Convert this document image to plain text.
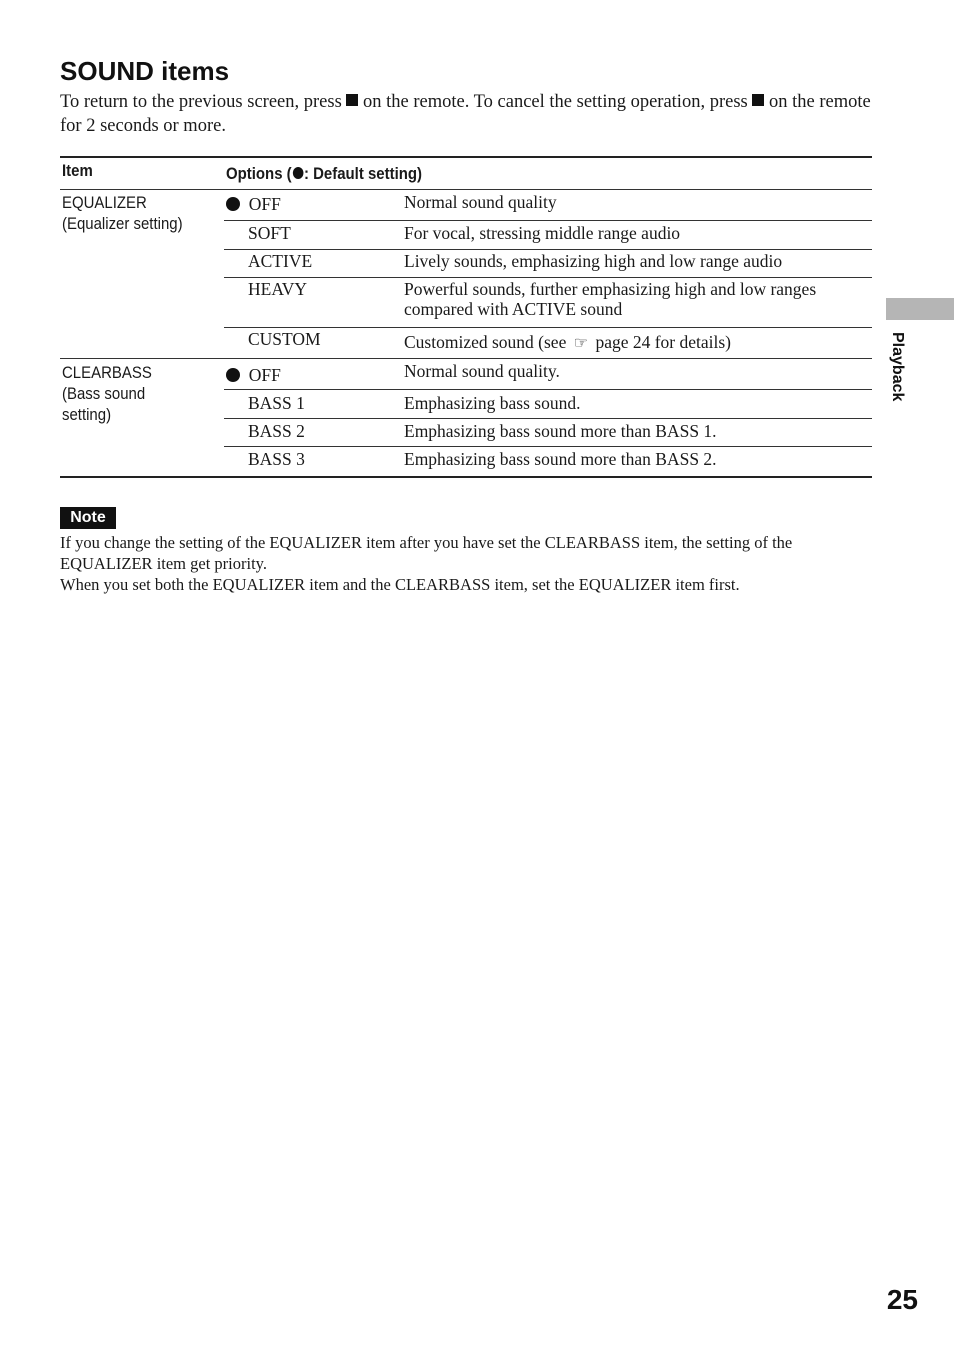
SOUND items

To return to the previous screen, press  on the remote. To cancel the setting operation, press  on the remote for 2 seconds or more.

Item	Options ( : Default setting)
EQUALIZER
(Equalizer setting)
OFF	Normal sound quality
SOFT	For vocal, stressing middle range audio
ACTIVE	Lively sounds, emphasizing high and low range audio
HEAVY	Powerful sounds, further emphasizing high and low ranges
compared with ACTIVE sound
CUSTOM	Customized sound (see ☞ page 24 for details)
CLEARBASS
(Bass sound
setting)
OFF	Normal sound quality.
BASS 1	Emphasizing bass sound.
BASS 2	Emphasizing bass sound more than BASS 1.
BASS 3	Emphasizing bass sound more than BASS 2.
Note

If you change the setting of the EQUALIZER item after you have set the CLEARBASS item, the setting of the

EQUALIZER item get priority.

When you set both the EQUALIZER item and the CLEARBASS item, set the EQUALIZER item first.

Playback
25
